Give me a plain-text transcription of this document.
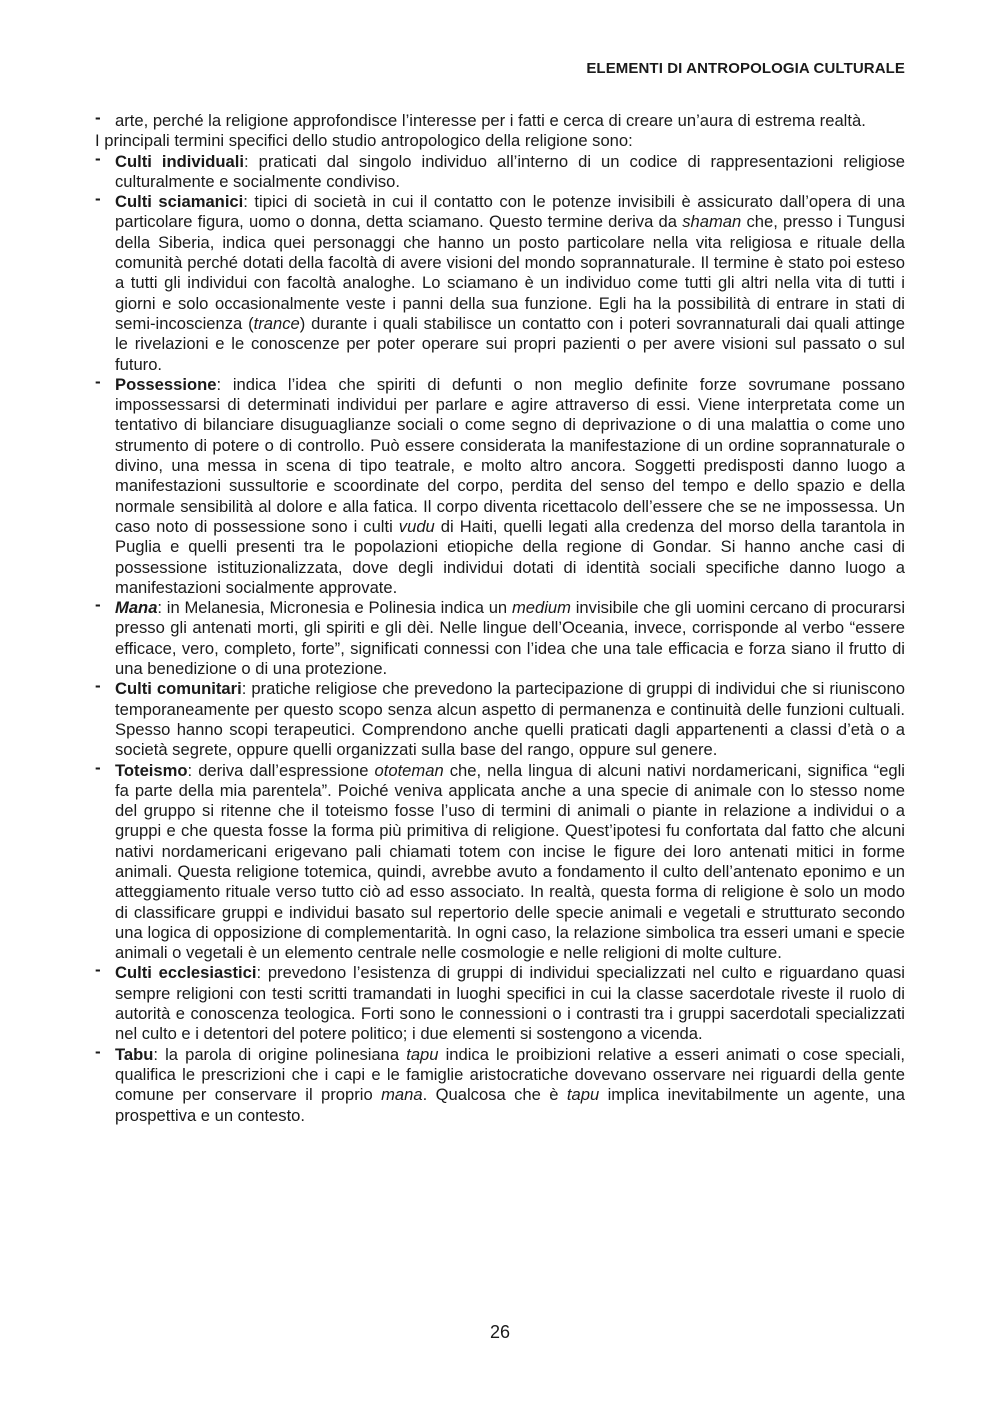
ELEMENTI DI ANTROPOLOGIA CULTURALE

- arte, perché la religione approfondisce l’interesse per i fatti e cerca di creare un’aura di estrema realtà.

I principali termini specifici dello studio antropologico della religione sono:

- Culti individuali: praticati dal singolo individuo all’interno di un codice di rappresentazioni religiose culturalmente e socialmente condiviso.

- Culti sciamanici: tipici di società in cui il contatto con le potenze invisibili è assicurato dall’opera di una particolare figura, uomo o donna, detta sciamano. Questo termine deriva da shaman che, presso i Tungusi della Siberia, indica quei personaggi che hanno un posto particolare nella vita religiosa e rituale della comunità perché dotati della facoltà di avere visioni del mondo soprannaturale. Il termine è stato poi esteso a tutti gli individui con facoltà analoghe. Lo sciamano è un individuo come tutti gli altri nella vita di tutti i giorni e solo occasionalmente veste i panni della sua funzione. Egli ha la possibilità di entrare in stati di semi-incoscienza (trance) durante i quali stabilisce un contatto con i poteri sovrannaturali dai quali attinge le rivelazioni e le conoscenze per poter operare sui propri pazienti o per avere visioni sul passato o sul futuro.

- Possessione: indica l’idea che spiriti di defunti o non meglio definite forze sovrumane possano impossessarsi di determinati individui per parlare e agire attraverso di essi. Viene interpretata come un tentativo di bilanciare disuguaglianze sociali o come segno di deprivazione o di una malattia o come uno strumento di potere o di controllo. Può essere considerata la manifestazione di un ordine soprannaturale o divino, una messa in scena di tipo teatrale, e molto altro ancora. Soggetti predisposti danno luogo a manifestazioni sussultorie e scoordinate del corpo, perdita del senso del tempo e dello spazio e della normale sensibilità al dolore e alla fatica. Il corpo diventa ricettacolo dell’essere che se ne impossessa. Un caso noto di possessione sono i culti vudu di Haiti, quelli legati alla credenza del morso della tarantola in Puglia e quelli presenti tra le popolazioni etiopiche della regione di Gondar. Si hanno anche casi di possessione istituzionalizzata, dove degli individui dotati di identità sociali specifiche danno luogo a manifestazioni socialmente approvate.

- Mana: in Melanesia, Micronesia e Polinesia indica un medium invisibile che gli uomini cercano di procurarsi presso gli antenati morti, gli spiriti e gli dèi. Nelle lingue dell’Oceania, invece, corrisponde al verbo “essere efficace, vero, completo, forte”, significati connessi con l’idea che una tale efficacia e forza siano il frutto di una benedizione o di una protezione.

- Culti comunitari: pratiche religiose che prevedono la partecipazione di gruppi di individui che si riuniscono temporaneamente per questo scopo senza alcun aspetto di permanenza e continuità delle funzioni cultuali. Spesso hanno scopi terapeutici. Comprendono anche quelli praticati dagli appartenenti a classi d’età o a società segrete, oppure quelli organizzati sulla base del rango, oppure sul genere.

- Toteismo: deriva dall’espressione ototeman che, nella lingua di alcuni nativi nordamericani, significa “egli fa parte della mia parentela”. Poiché veniva applicata anche a una specie di animale con lo stesso nome del gruppo si ritenne che il toteismo fosse l’uso di termini di animali o piante in relazione a individui o a gruppi e che questa fosse la forma più primitiva di religione. Quest’ipotesi fu confortata dal fatto che alcuni nativi nordamericani erigevano pali chiamati totem con incise le figure dei loro antenati mitici in forme animali. Questa religione totemica, quindi, avrebbe avuto a fondamento il culto dell’antenato eponimo e un atteggiamento rituale verso tutto ciò ad esso associato. In realtà, questa forma di religione è solo un modo di classificare gruppi e individui basato sul repertorio delle specie animali e vegetali e strutturato secondo una logica di opposizione di complementarità. In ogni caso, la relazione simbolica tra esseri umani e specie animali o vegetali è un elemento centrale nelle cosmologie e nelle religioni di molte culture.

- Culti ecclesiastici: prevedono l’esistenza di gruppi di individui specializzati nel culto e riguardano quasi sempre religioni con testi scritti tramandati in luoghi specifici in cui la classe sacerdotale riveste il ruolo di autorità e conoscenza teologica. Forti sono le connessioni o i contrasti tra i gruppi sacerdotali specializzati nel culto e i detentori del potere politico; i due elementi si sostengono a vicenda.

- Tabu: la parola di origine polinesiana tapu indica le proibizioni relative a esseri animati o cose speciali, qualifica le prescrizioni che i capi e le famiglie aristocratiche dovevano osservare nei riguardi della gente comune per conservare il proprio mana. Qualcosa che è tapu implica inevitabilmente un agente, una prospettiva e un contesto.

26
